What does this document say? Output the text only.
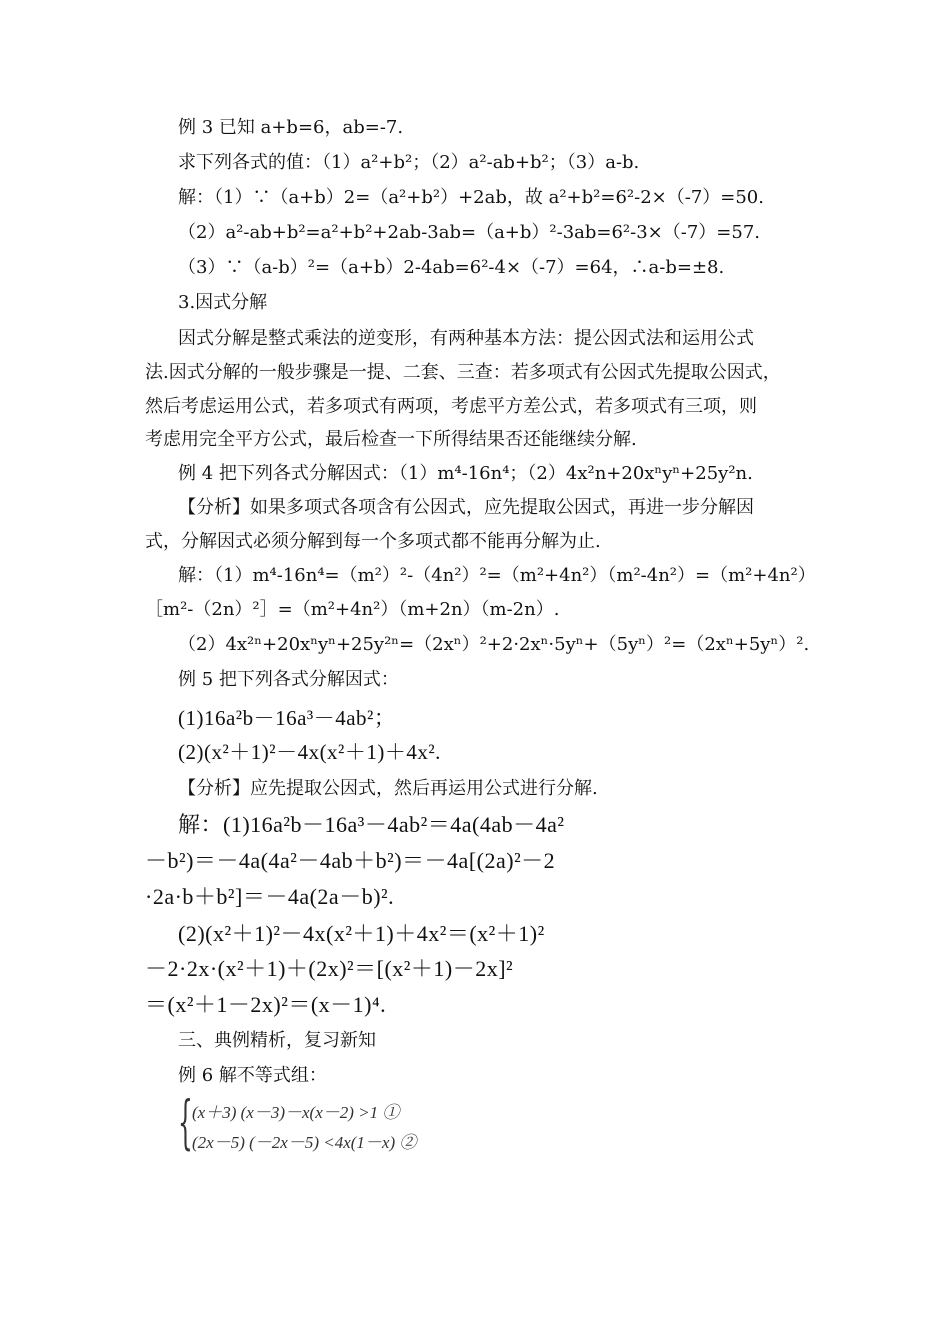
例 3 已知 a+b=6，ab=-7.
求下列各式的值：（1）a²+b²；（2）a²-ab+b²；（3）a-b.
解：（1）∵（a+b）2=（a²+b²）+2ab，故 a²+b²=6²-2×（-7）=50.
（2）a²-ab+b²=a²+b²+2ab-3ab=（a+b）²-3ab=6²-3×（-7）=57.
（3）∵（a-b）²=（a+b）2-4ab=6²-4×（-7）=64，∴a-b=±8.
3.因式分解
因式分解是整式乘法的逆变形，有两种基本方法：提公因式法和运用公式
法.因式分解的一般步骤是一提、二套、三查：若多项式有公因式先提取公因式，
然后考虑运用公式，若多项式有两项，考虑平方差公式，若多项式有三项，则
考虑用完全平方公式，最后检查一下所得结果否还能继续分解.
例 4 把下列各式分解因式：（1）m⁴-16n⁴；（2）4x²n+20xⁿyⁿ+25y²n.
【分析】如果多项式各项含有公因式，应先提取公因式，再进一步分解因
式，分解因式必须分解到每一个多项式都不能再分解为止.
解：（1）m⁴-16n⁴=（m²）²-（4n²）²=（m²+4n²）（m²-4n²）=（m²+4n²）
［m²-（2n）²］=（m²+4n²）（m+2n）（m-2n）.
（2）4x²ⁿ+20xⁿyⁿ+25y²ⁿ=（2xⁿ）²+2·2xⁿ·5yⁿ+（5yⁿ）²=（2xⁿ+5yⁿ）².
例 5 把下列各式分解因式：
(1)16a²b－16a³－4ab²；
(2)(x²＋1)²－4x(x²＋1)＋4x².
【分析】应先提取公因式，然后再运用公式进行分解.
解：(1)16a²b－16a³－4ab²＝4a(4ab－4a²
－b²)＝－4a(4a²－4ab＋b²)＝－4a[(2a)²－2
·2a·b＋b²]＝－4a(2a－b)².
(2)(x²＋1)²－4x(x²＋1)＋4x²＝(x²＋1)²
－2·2x·(x²＋1)＋(2x)²＝[(x²＋1)－2x]²
＝(x²＋1－2x)²＝(x－1)⁴.
三、典例精析，复习新知
例 6 解不等式组：
{ (x＋3) (x－3)－x(x－2) >1 ①
(2x－5) (－2x－5) <4x(1－x) ②
